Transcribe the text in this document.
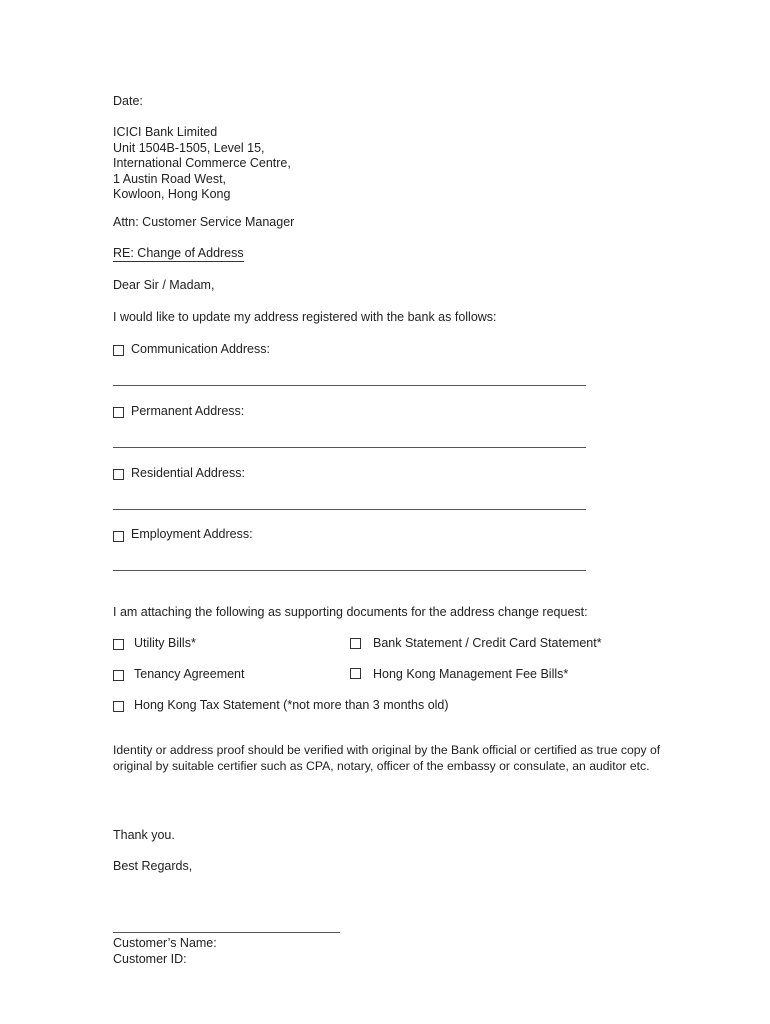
Date:
ICICI Bank Limited
Unit 1504B-1505, Level 15,
International Commerce Centre,
1 Austin Road West,
Kowloon, Hong Kong
Attn: Customer Service Manager
RE: Change of Address
Dear Sir / Madam,
I would like to update my address registered with the bank as follows:
Communication Address:
Permanent Address:
Residential Address:
Employment Address:
I am attaching the following as supporting documents for the address change request:
Utility Bills*	Bank Statement / Credit Card Statement*
Tenancy Agreement	Hong Kong Management Fee Bills*
Hong Kong Tax Statement (*not more than 3 months old)
Identity or address proof should be verified with original by the Bank official or certified as true copy of
original by suitable certifier such as CPA, notary, officer of the embassy or consulate, an auditor etc.
Thank you.
Best Regards,
Customer’s Name:
Customer ID:
